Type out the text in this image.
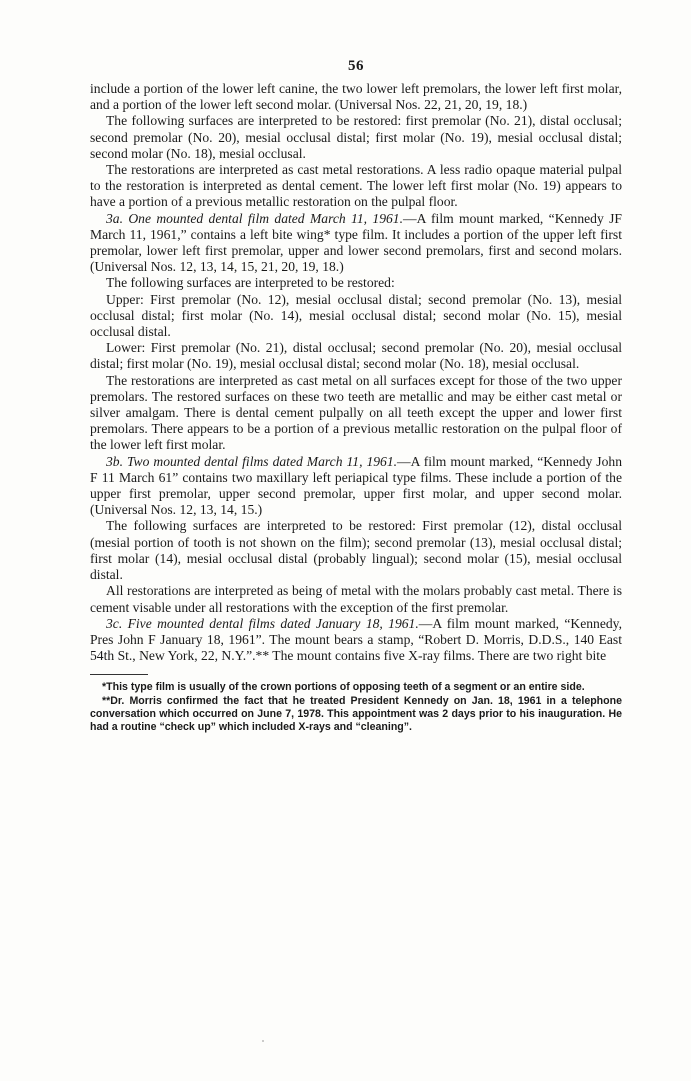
56

include a portion of the lower left canine, the two lower left premolars, the lower left first molar, and a portion of the lower left second molar. (Universal Nos. 22, 21, 20, 19, 18.)

The following surfaces are interpreted to be restored: first premolar (No. 21), distal occlusal; second premolar (No. 20), mesial occlusal distal; first molar (No. 19), mesial occlusal distal; second molar (No. 18), mesial occlusal.

The restorations are interpreted as cast metal restorations. A less radio opaque material pulpal to the restoration is interpreted as dental cement. The lower left first molar (No. 19) appears to have a portion of a previous metallic restoration on the pulpal floor.

3a. One mounted dental film dated March 11, 1961.—A film mount marked, “Kennedy JF March 11, 1961,” contains a left bite wing* type film. It includes a portion of the upper left first premolar, lower left first premolar, upper and lower second premolars, first and second molars. (Universal Nos. 12, 13, 14, 15, 21, 20, 19, 18.)

The following surfaces are interpreted to be restored:

Upper: First premolar (No. 12), mesial occlusal distal; second premolar (No. 13), mesial occlusal distal; first molar (No. 14), mesial occlusal distal; second molar (No. 15), mesial occlusal distal.

Lower: First premolar (No. 21), distal occlusal; second premolar (No. 20), mesial occlusal distal; first molar (No. 19), mesial occlusal distal; second molar (No. 18), mesial occlusal.

The restorations are interpreted as cast metal on all surfaces except for those of the two upper premolars. The restored surfaces on these two teeth are metallic and may be either cast metal or silver amalgam. There is dental cement pulpally on all teeth except the upper and lower first premolars. There appears to be a portion of a previous metallic restoration on the pulpal floor of the lower left first molar.

3b. Two mounted dental films dated March 11, 1961.—A film mount marked, “Kennedy John F 11 March 61” contains two maxillary left periapical type films. These include a portion of the upper first premolar, upper second premolar, upper first molar, and upper second molar. (Universal Nos. 12, 13, 14, 15.)

The following surfaces are interpreted to be restored: First premolar (12), distal occlusal (mesial portion of tooth is not shown on the film); second premolar (13), mesial occlusal distal; first molar (14), mesial occlusal distal (probably lingual); second molar (15), mesial occlusal distal.

All restorations are interpreted as being of metal with the molars probably cast metal. There is cement visable under all restorations with the exception of the first premolar.

3c. Five mounted dental films dated January 18, 1961.—A film mount marked, “Kennedy, Pres John F January 18, 1961”. The mount bears a stamp, “Robert D. Morris, D.D.S., 140 East 54th St., New York, 22, N.Y.”.** The mount contains five X-ray films. There are two right bite

*This type film is usually of the crown portions of opposing teeth of a segment or an entire side.

**Dr. Morris confirmed the fact that he treated President Kennedy on Jan. 18, 1961 in a telephone conversation which occurred on June 7, 1978. This appointment was 2 days prior to his inauguration. He had a routine “check up” which included X-rays and “cleaning”.
